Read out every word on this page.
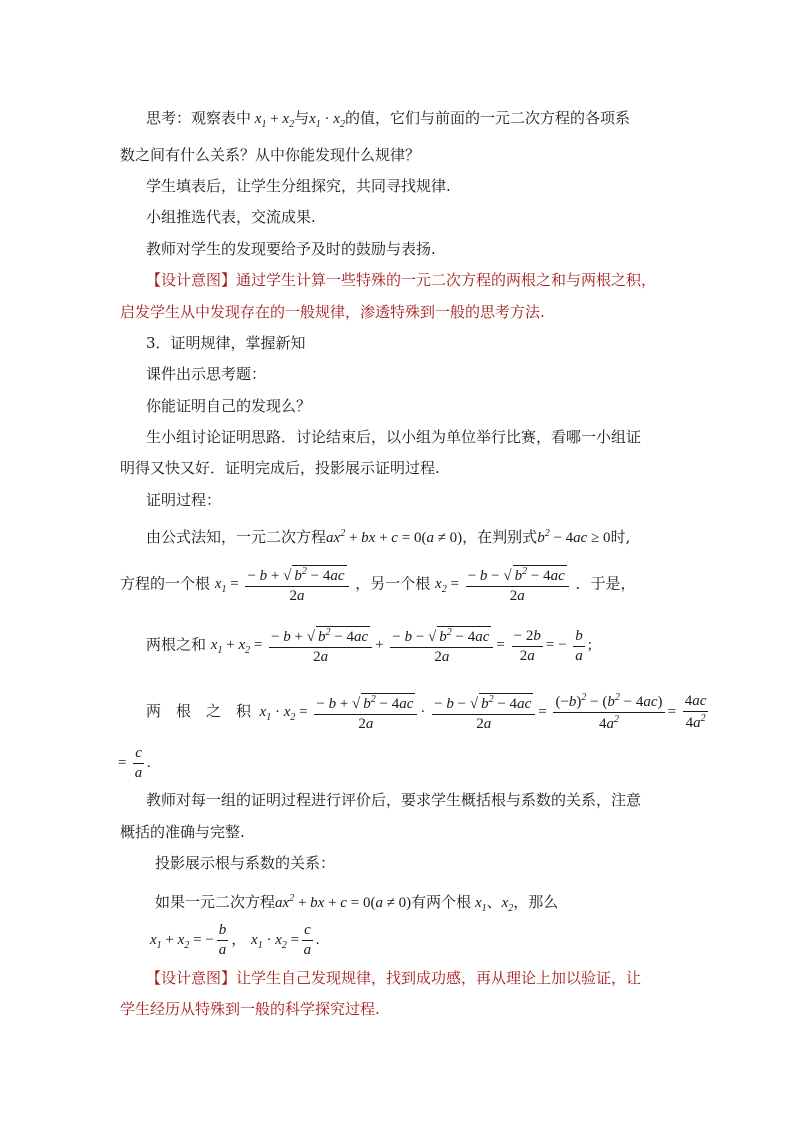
思考：观察表中 $x_1 + x_2$与$x_1 \cdot x_2$的值，它们与前面的一元二次方程的各项系
数之间有什么关系？从中你能发现什么规律？
学生填表后，让学生分组探究，共同寻找规律.
小组推选代表，交流成果.
教师对学生的发现要给予及时的鼓励与表扬.
【设计意图】通过学生计算一些特殊的一元二次方程的两根之和与两根之积，
启发学生从中发现存在的一般规律，渗透特殊到一般的思考方法.
3．证明规律，掌握新知
课件出示思考题：
你能证明自己的发现么？
生小组讨论证明思路．讨论结束后，以小组为单位举行比赛，看哪一小组证
明得又快又好．证明完成后，投影展示证明过程.
证明过程：
由公式法知，一元二次方程$ax^2$ + bx + c = 0(a ≠ 0)，在判别式$b^2 - 4ac \ge 0$时,
方程的一个根 $x_1 = \frac{- b + √ b^2 - 4ac}{2a}$ ，另一个根 $x_2 = \frac{- b - √ b^2 - 4ac}{2a}$ ．于是，
两根之和 $x_1 + x_2 = \frac{- b + √ b^2 - 4ac}{2a} + \frac{- b - √ b^2 - 4ac}{2a} = \frac{- 2b}{2a}$ = − $\frac{b}{a}$ ;
两　根　之　积  $x_1 \cdot x_2 = \frac{- b + √ b^2 - 4ac}{2a} \cdot \frac{- b - √ b^2 - 4ac}{2a} = \frac{(-b)^2 - (b^2 - 4ac)}{4a^2} = \frac{4ac}{4a^2}$
= $\frac{c}{a}$ .
教师对每一组的证明过程进行评价后，要求学生概括根与系数的关系，注意
概括的准确与完整.
投影展示根与系数的关系：
如果一元二次方程$ax^2$ + bx + c = 0(a ≠ 0)有两个根 $x_1$、$x_2$，那么
$x_1 + x_2$ = − $\frac{b}{a}$ ， $x_1 \cdot x_2 = \frac{c}{a}$ .
【设计意图】让学生自己发现规律，找到成功感，再从理论上加以验证，让
学生经历从特殊到一般的科学探究过程.
